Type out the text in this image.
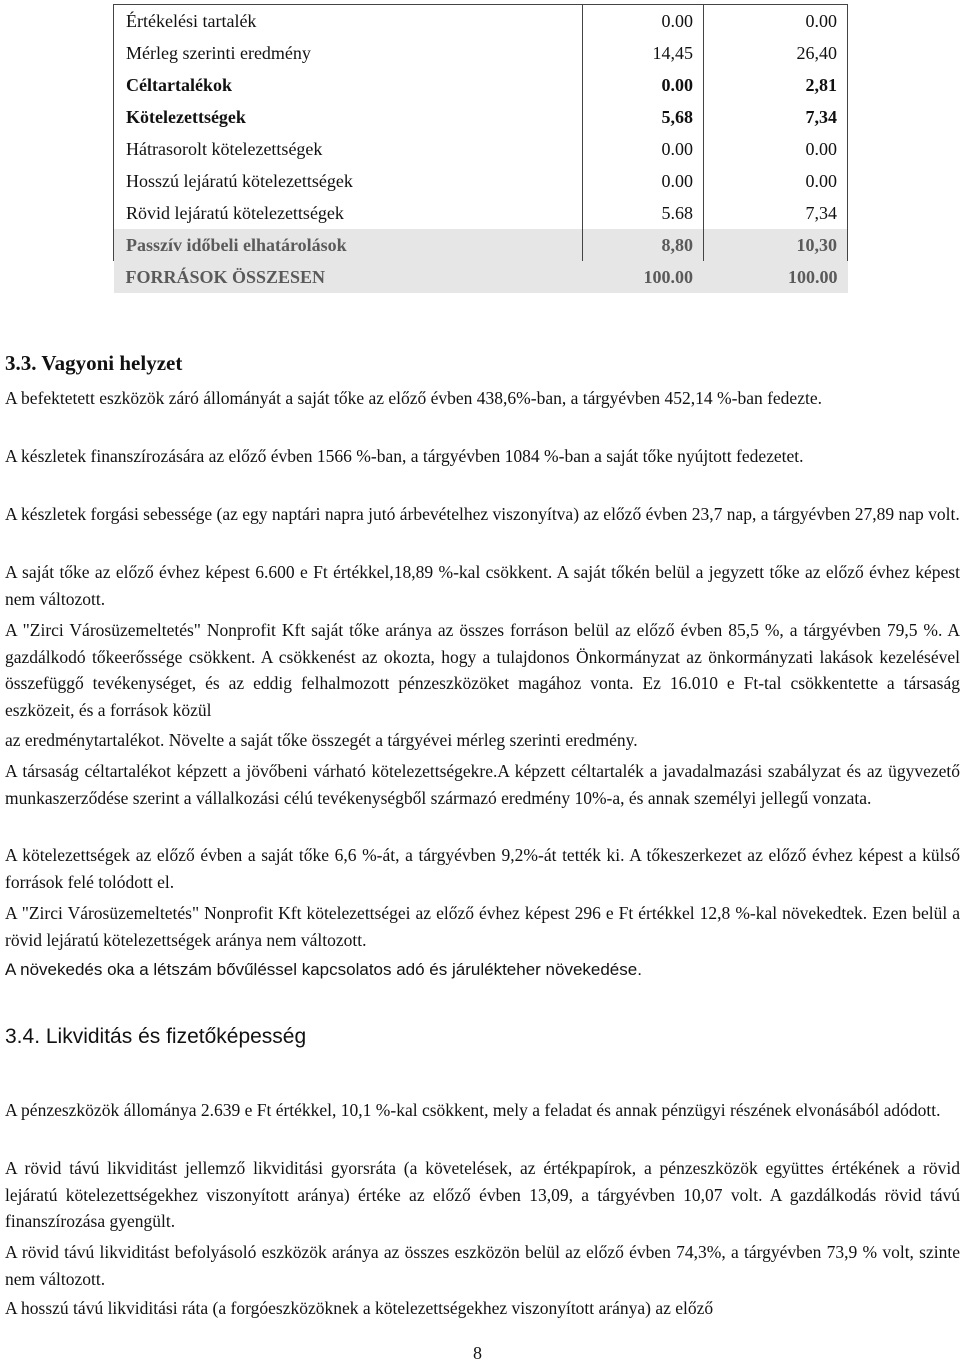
Értékelési tartalék	0.00	0.00
Mérleg szerinti eredmény	14,45	26,40
Céltartalékok	0.00	2,81
Kötelezettségek	5,68	7,34
Hátrasorolt kötelezettségek	0.00	0.00
Hosszú lejáratú kötelezettségek	0.00	0.00
Rövid lejáratú kötelezettségek	5.68	7,34
Passzív időbeli elhatárolások	8,80	10,30
FORRÁSOK ÖSSZESEN	100.00	100.00
3.3. Vagyoni helyzet

A befektetett eszközök záró állományát a saját tőke az előző évben 438,6%-ban, a tárgyévben 452,14 %-ban fedezte.

A készletek finanszírozására az előző évben 1566 %-ban, a tárgyévben 1084 %-ban a saját tőke nyújtott fedezetet.

A készletek forgási sebessége (az egy naptári napra jutó árbevételhez viszonyítva) az előző évben 23,7 nap, a tárgyévben 27,89 nap volt.

A saját tőke az előző évhez képest 6.600 e Ft értékkel,18,89 %-kal csökkent. A saját tőkén belül a jegyzett tőke az előző évhez képest nem változott.

A "Zirci Városüzemeltetés" Nonprofit Kft saját tőke aránya az összes forráson belül az előző évben 85,5 %, a tárgyévben 79,5 %. A gazdálkodó tőkeerőssége csökkent. A csökkenést az okozta, hogy a tulajdonos Önkormányzat az önkormányzati lakások kezelésével összefüggő tevékenységet, és az eddig felhalmozott pénzeszközöket magához vonta. Ez 16.010 e Ft-tal csökkentette a társaság eszközeit, és a források közül

az eredménytartalékot. Növelte a saját tőke összegét a tárgyévei mérleg szerinti eredmény.

A társaság céltartalékot képzett a jövőbeni várható kötelezettségekre.A képzett céltartalék a javadalmazási szabályzat és az ügyvezető munkaszerződése szerint a vállalkozási célú tevékenységből származó eredmény 10%-a, és annak személyi jellegű vonzata.

A kötelezettségek az előző évben a saját tőke 6,6 %-át, a tárgyévben 9,2%-át tették ki. A tőkeszerkezet az előző évhez képest a külső források felé tolódott el.

A "Zirci Városüzemeltetés" Nonprofit Kft kötelezettségei az előző évhez képest 296 e Ft értékkel 12,8 %-kal növekedtek. Ezen belül a rövid lejáratú kötelezettségek aránya nem változott.

A növekedés oka a létszám bővűléssel kapcsolatos adó és járulékteher növekedése.

3.4. Likviditás és fizetőképesség

A pénzeszközök állománya 2.639 e Ft értékkel, 10,1 %-kal csökkent, mely a feladat és annak pénzügyi részének elvonásából adódott.

A rövid távú likviditást jellemző likviditási gyorsráta (a követelések, az értékpapírok, a pénzeszközök együttes értékének a rövid lejáratú kötelezettségekhez viszonyított aránya) értéke az előző évben 13,09, a tárgyévben 10,07 volt. A gazdálkodás rövid távú finanszírozása gyengült.

A rövid távú likviditást befolyásoló eszközök aránya az összes eszközön belül az előző évben 74,3%, a tárgyévben 73,9 % volt, szinte nem változott.

A hosszú távú likviditási ráta (a forgóeszközöknek a kötelezettségekhez viszonyított aránya) az előző

8
